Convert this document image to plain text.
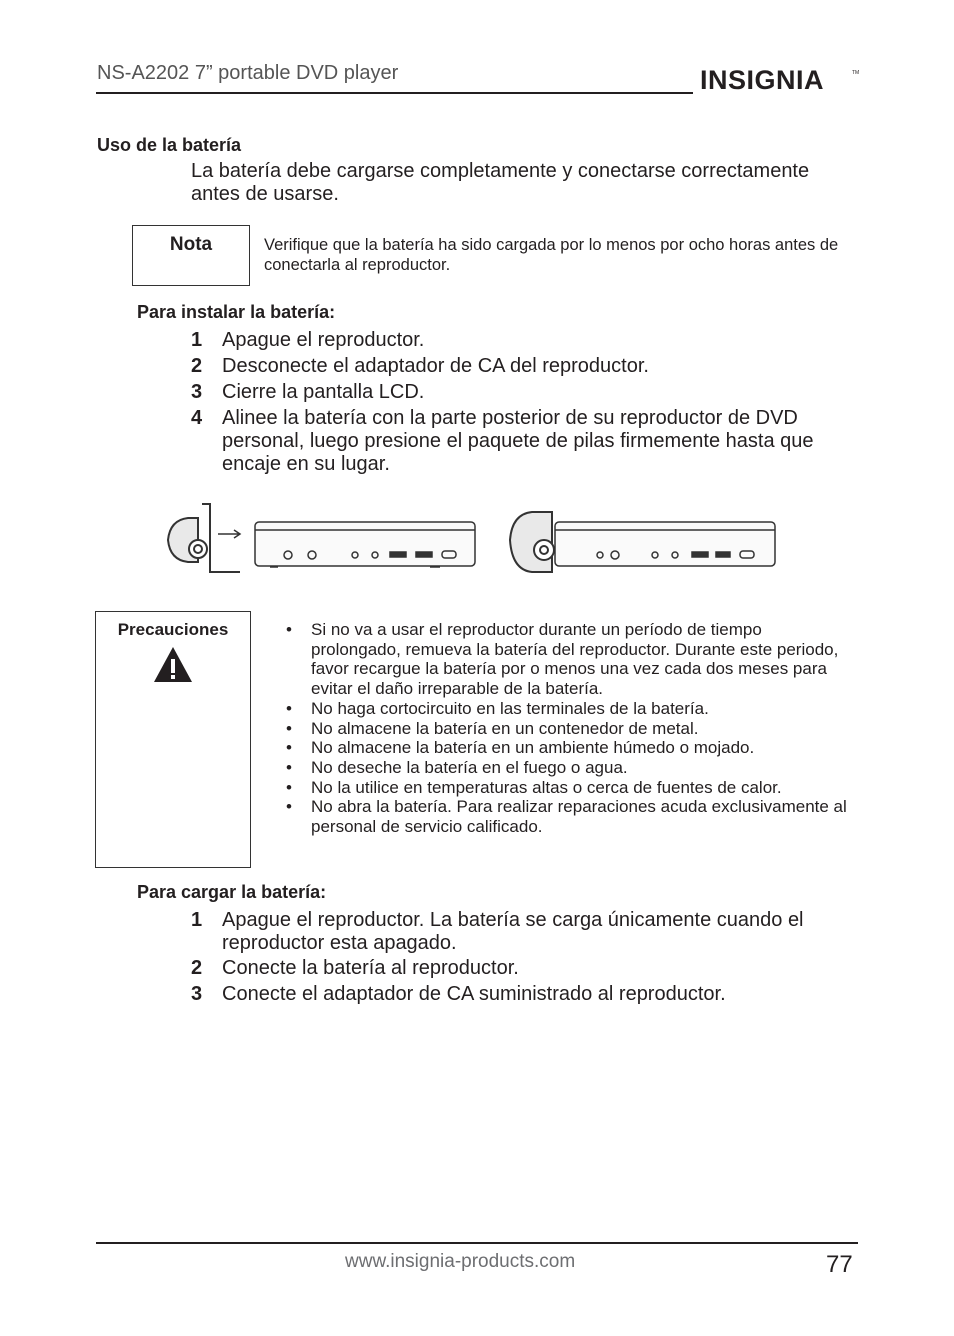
NS-A2202 7” portable DVD player	INSIGNIA	TM
Uso de la batería
La batería debe cargarse completamente y conectarse correctamente antes de usarse.
Nota	Verifique que la batería ha sido cargada por lo menos por ocho horas antes de conectarla al reproductor.
Para instalar la batería:
1 Apague el reproductor.
2 Desconecte el adaptador de CA del reproductor.
3 Cierre la pantalla LCD.
4 Alinee la batería con la parte posterior de su reproductor de DVD personal, luego presione el paquete de pilas firmemente hasta que encaje en su lugar.
Precauciones	•	Si no va a usar el reproductor durante un período de tiempo prolongado, remueva la batería del reproductor. Durante este periodo, favor recargue la batería por o menos una vez cada dos meses para evitar el daño irreparable de la batería.
•	No haga cortocircuito en las terminales de la batería.
•	No almacene la batería en un contenedor de metal.
•	No almacene la batería en un ambiente húmedo o mojado.
•	No deseche la batería en el fuego o agua.
•	No la utilice en temperaturas altas o cerca de fuentes de calor.
•	No abra la batería. Para realizar reparaciones acuda exclusivamente al personal de servicio calificado.
Para cargar la batería:
1 Apague el reproductor. La batería se carga únicamente cuando el reproductor esta apagado.
2 Conecte la batería al reproductor.
3 Conecte el adaptador de CA suministrado al reproductor.
www.insignia-products.com	77
